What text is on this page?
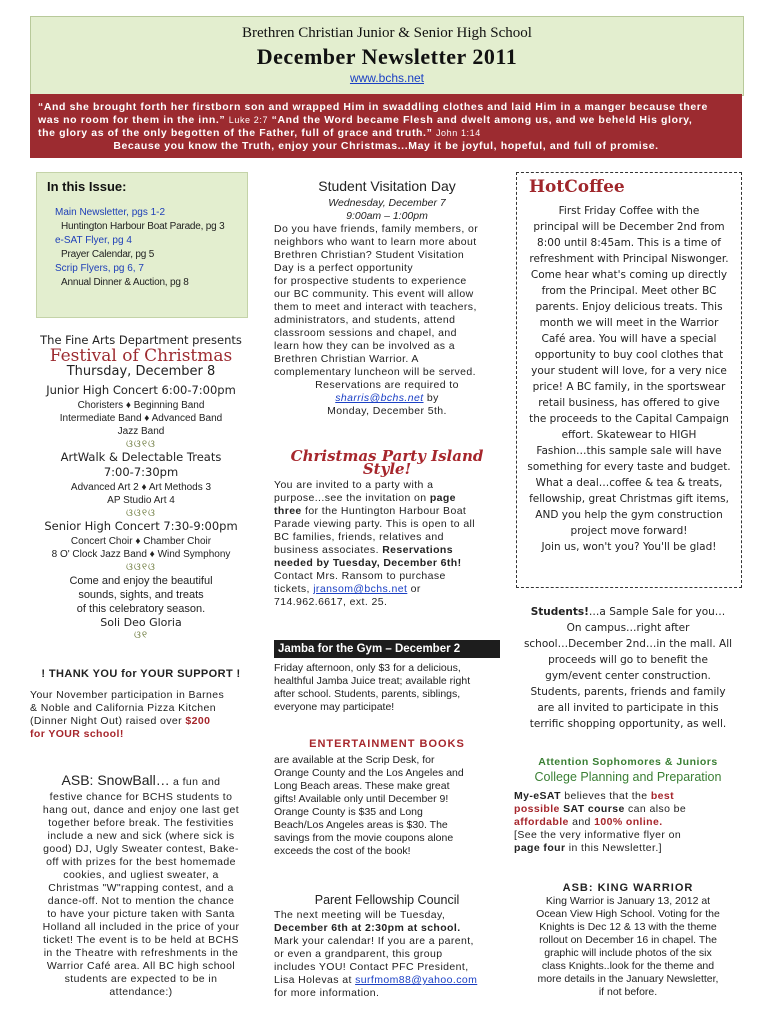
Brethren Christian Junior & Senior High School
December Newsletter 2011
www.bchs.net
“And she brought forth her firstborn son and wrapped Him in swaddling clothes and laid Him in a manger because there
was no room for them in the inn.” Luke 2:7 “And the Word became Flesh and dwelt among us, and we beheld His glory,
the glory as of the only begotten of the Father, full of grace and truth.” John 1:14
Because you know the Truth, enjoy your Christmas...May it be joyful, hopeful, and full of promise.
In this Issue:
Main Newsletter, pgs 1-2
Huntington Harbour Boat Parade, pg 3
e-SAT Flyer, pg 4
Prayer Calendar, pg 5
Scrip Flyers, pg 6, 7
Annual Dinner & Auction, pg 8
The Fine Arts Department presents
Festival of Christmas
Thursday, December 8
Junior High Concert 6:00-7:00pm
Choristers ♦ Beginning Band
Intermediate Band ♦ Advanced Band
Jazz Band
ଓଓ୧ଓ
ArtWalk & Delectable Treats
7:00-7:30pm
Advanced Art 2 ♦ Art Methods 3
AP Studio Art 4
ଓଓ୧ଓ
Senior High Concert 7:30-9:00pm
Concert Choir ♦ Chamber Choir
8 O' Clock Jazz Band ♦ Wind Symphony
ଓଓ୧ଓ
Come and enjoy the beautiful
sounds, sights, and treats
of this celebratory season.
Soli Deo Gloria
ଓ୧
! THANK YOU for YOUR SUPPORT !
Your November participation in Barnes
& Noble and California Pizza Kitchen
(Dinner Night Out) raised over $200
for YOUR school!
ASB: SnowBall… a fun and
festive chance for BCHS students to
hang out, dance and enjoy one last get
together before break. The festivities
include a new and sick (where sick is
good) DJ, Ugly Sweater contest, Bake-
off with prizes for the best homemade
cookies, and ugliest sweater, a
Christmas "W"rapping contest, and a
dance-off. Not to mention the chance
to have your picture taken with Santa
Holland all included in the price of your
ticket! The event is to be held at BCHS
in the Theatre with refreshments in the
Warrior Café area. All BC high school
students are expected to be in
attendance:)
Student Visitation Day
Wednesday, December 7
9:00am – 1:00pm
Do you have friends, family members, or
neighbors who want to learn more about
Brethren Christian? Student Visitation
Day is a perfect opportunity
for prospective students to experience
our BC community. This event will allow
them to meet and interact with teachers,
administrators, and students, attend
classroom sessions and chapel, and
learn how they can be involved as a
Brethren Christian Warrior. A
complementary luncheon will be served.
Reservations are required to
sharris@bchs.net by
Monday, December 5th.
Christmas Party Island Style!
You are invited to a party with a
purpose...see the invitation on page
three for the Huntington Harbour Boat
Parade viewing party. This is open to all
BC families, friends, relatives and
business associates. Reservations
needed by Tuesday, December 6th!
Contact Mrs. Ransom to purchase
tickets, jransom@bchs.net or
714.962.6617, ext. 25.
Jamba for the Gym – December 2
Friday afternoon, only $3 for a delicious,
healthful Jamba Juice treat; available right
after school. Students, parents, siblings,
everyone may participate!
ENTERTAINMENT BOOKS
are available at the Scrip Desk, for
Orange County and the Los Angeles and
Long Beach areas. These make great
gifts! Available only until December 9!
Orange County is $35 and Long
Beach/Los Angeles areas is $30. The
savings from the movie coupons alone
exceeds the cost of the book!
Parent Fellowship Council
The next meeting will be Tuesday,
December 6th at 2:30pm at school.
Mark your calendar! If you are a parent,
or even a grandparent, this group
includes YOU! Contact PFC President,
Lisa Holevas at surfmom88@yahoo.com
for more information.
HotCoffee
First Friday Coffee with the
principal will be December 2nd from
8:00 until 8:45am. This is a time of
refreshment with Principal Niswonger.
Come hear what's coming up directly
from the Principal. Meet other BC
parents. Enjoy delicious treats. This
month we will meet in the Warrior
Café area. You will have a special
opportunity to buy cool clothes that
your student will love, for a very nice
price! A BC family, in the sportswear
retail business, has offered to give
the proceeds to the Capital Campaign
effort. Skatewear to HIGH
Fashion…this sample sale will have
something for every taste and budget.
What a deal…coffee & tea & treats,
fellowship, great Christmas gift items,
AND you help the gym construction
project move forward!
Join us, won't you? You'll be glad!
Students!…a Sample Sale for you…
On campus…right after
school…December 2nd…in the mall. All
proceeds will go to benefit the
gym/event center construction.
Students, parents, friends and family
are all invited to participate in this
terrific shopping opportunity, as well.
Attention Sophomores & Juniors
College Planning and Preparation
My-eSAT believes that the best
possible SAT course can also be
affordable and 100% online.
[See the very informative flyer on
page four in this Newsletter.]
ASB: KING WARRIOR
King Warrior is January 13, 2012 at
Ocean View High School. Voting for the
Knights is Dec 12 & 13 with the theme
rollout on December 16 in chapel. The
graphic will include photos of the six
class Knights..look for the theme and
more details in the January Newsletter,
if not before.
